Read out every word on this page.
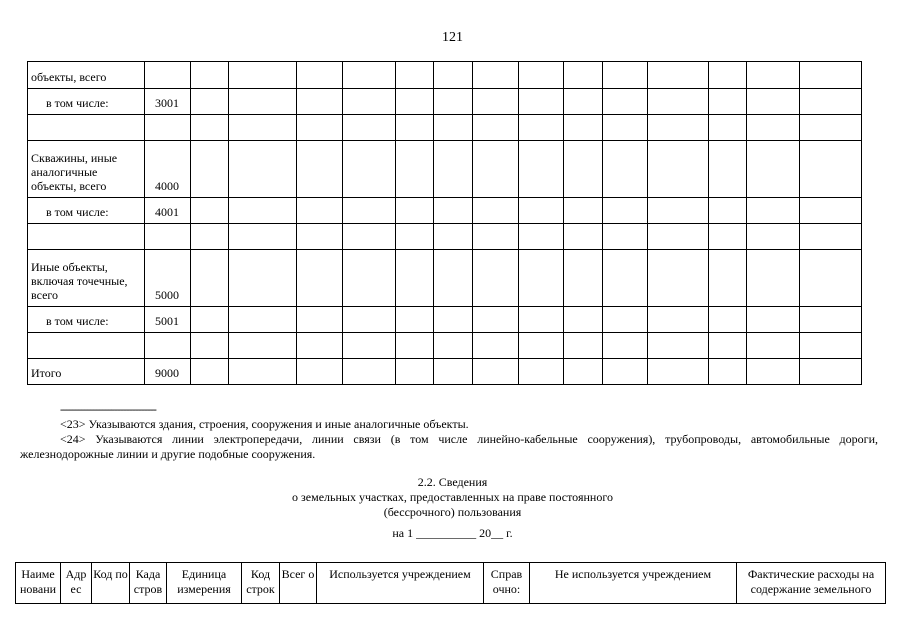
121
объекты, всего															
в том числе:	3001														

Скважины, иные аналогичные объекты, всего	4000														
в том числе:	4001														

Иные объекты, включая точечные, всего	5000														
в том числе:	5001														

Итого	9000														
--------------------------------
<23> Указываются здания, строения, сооружения и иные аналогичные объекты.
<24> Указываются линии электропередачи, линии связи (в том числе линейно-кабельные сооружения), трубопроводы, автомобильные дороги, железнодорожные линии и другие подобные сооружения.
2.2. Сведения
о земельных участках, предоставленных на праве постоянного
(бессрочного) пользования
на 1 __________ 20__ г.
Наиме новани	Адр ес	Код по	Када стров	Единица измерения	Код строк	Всег о	Используется учреждением	Справ очно:	Не используется учреждением	Фактические расходы на содержание земельного
